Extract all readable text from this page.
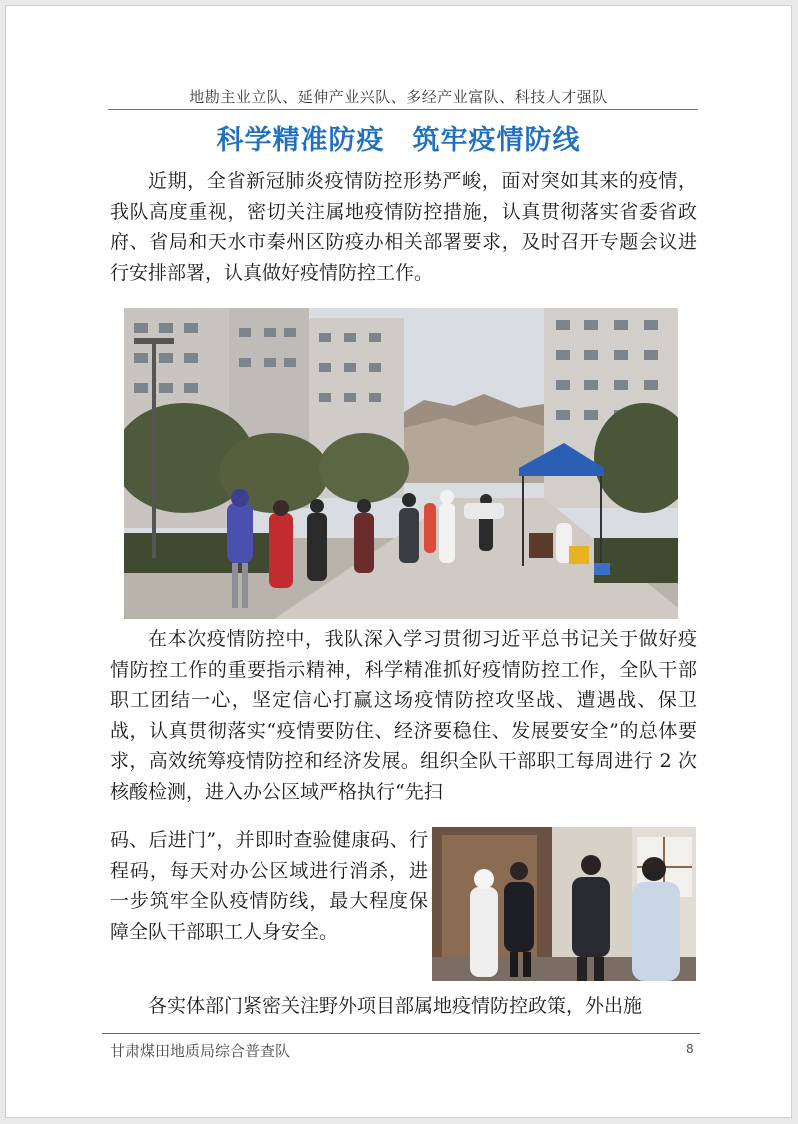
地勘主业立队、延伸产业兴队、多经产业富队、科技人才强队
科学精准防疫　筑牢疫情防线

近期，全省新冠肺炎疫情防控形势严峻，面对突如其来的疫情，我队高度重视，密切关注属地疫情防控措施，认真贯彻落实省委省政府、省局和天水市秦州区防疫办相关部署要求，及时召开专题会议进行安排部署，认真做好疫情防控工作。

在本次疫情防控中，我队深入学习贯彻习近平总书记关于做好疫情防控工作的重要指示精神，科学精准抓好疫情防控工作，全队干部职工团结一心，坚定信心打赢这场疫情防控攻坚战、遭遇战、保卫战，认真贯彻落实“疫情要防住、经济要稳住、发展要安全”的总体要求，高效统筹疫情防控和经济发展。组织全队干部职工每周进行 2 次核酸检测，进入办公区域严格执行“先扫

码、后进门”，并即时查验健康码、行程码，每天对办公区域进行消杀，进一步筑牢全队疫情防线，最大程度保障全队干部职工人身安全。

各实体部门紧密关注野外项目部属地疫情防控政策，外出施

甘肃煤田地质局综合普查队	8
